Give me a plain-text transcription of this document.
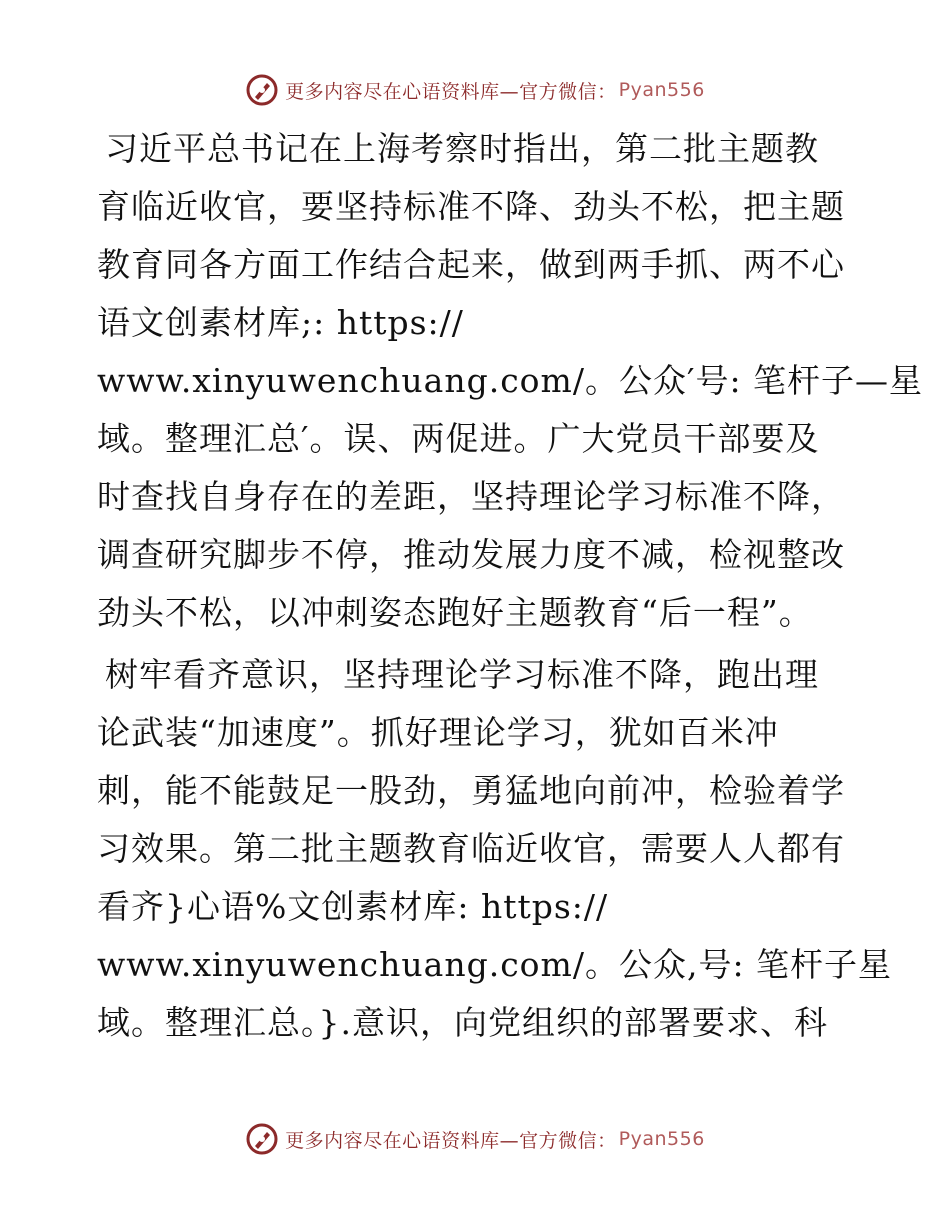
更多内容尽在心语资料库—官方微信： Pyan556
习近平总书记在上海考察时指出，第二批主题教
育临近收官，要坚持标准不降、劲头不松，把主题
教育同各方面工作结合起来，做到两手抓、两不心
语文创素材库;: https://
www.xinyuwenchuang.com/。公众′号: 笔杆子—星
域。整理汇总′。误、两促进。广大党员干部要及
时查找自身存在的差距，坚持理论学习标准不降，
调查研究脚步不停，推动发展力度不减，检视整改
劲头不松，以冲刺姿态跑好主题教育“后一程”。
树牢看齐意识，坚持理论学习标准不降，跑出理
论武装“加速度”。抓好理论学习，犹如百米冲
刺，能不能鼓足一股劲，勇猛地向前冲，检验着学
习效果。第二批主题教育临近收官，需要人人都有
看齐}心语%文创素材库: https://
www.xinyuwenchuang.com/。公众,号: 笔杆子星
域。整理汇总。}.意识，向党组织的部署要求、科
更多内容尽在心语资料库—官方微信： Pyan556
